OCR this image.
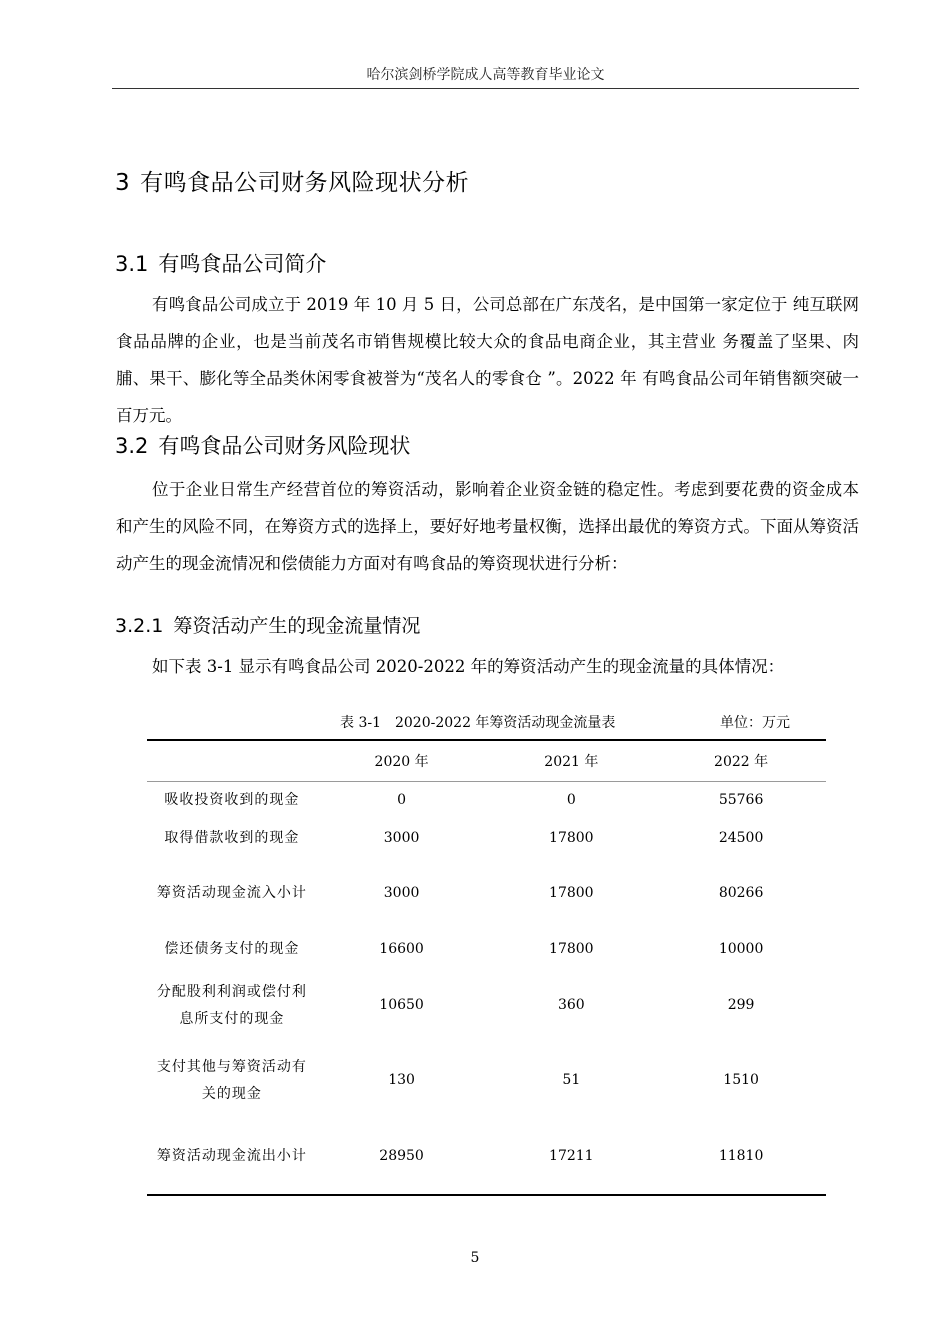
哈尔滨剑桥学院成人高等教育毕业论文
3 有鸣食品公司财务风险现状分析
3.1 有鸣食品公司简介
有鸣食品公司成立于 2019 年 10 月 5 日，公司总部在广东茂名，是中国第一家定位于 纯互联网食品品牌的企业，也是当前茂名市销售规模比较大众的食品电商企业，其主营业 务覆盖了坚果、肉脯、果干、膨化等全品类休闲零食被誉为“茂名人的零食仓 ”。2022 年 有鸣食品公司年销售额突破一百万元。
3.2 有鸣食品公司财务风险现状
位于企业日常生产经营首位的筹资活动，影响着企业资金链的稳定性。考虑到要花费的资金成本和产生的风险不同，在筹资方式的选择上，要好好地考量权衡，选择出最优的筹资方式。下面从筹资活动产生的现金流情况和偿债能力方面对有鸣食品的筹资现状进行分析：
3.2.1 筹资活动产生的现金流量情况
如下表 3-1 显示有鸣食品公司 2020-2022 年的筹资活动产生的现金流量的具体情况：
表 3-1　2020-2022 年筹资活动现金流量表	单位：万元
	2020 年	2021 年	2022 年
吸收投资收到的现金	0	0	55766
取得借款收到的现金	3000	17800	24500
筹资活动现金流入小计	3000	17800	80266
偿还债务支付的现金	16600	17800	10000
分配股利利润或偿付利息所支付的现金	10650	360	299
支付其他与筹资活动有关的现金	130	51	1510
筹资活动现金流出小计	28950	17211	11810
5
